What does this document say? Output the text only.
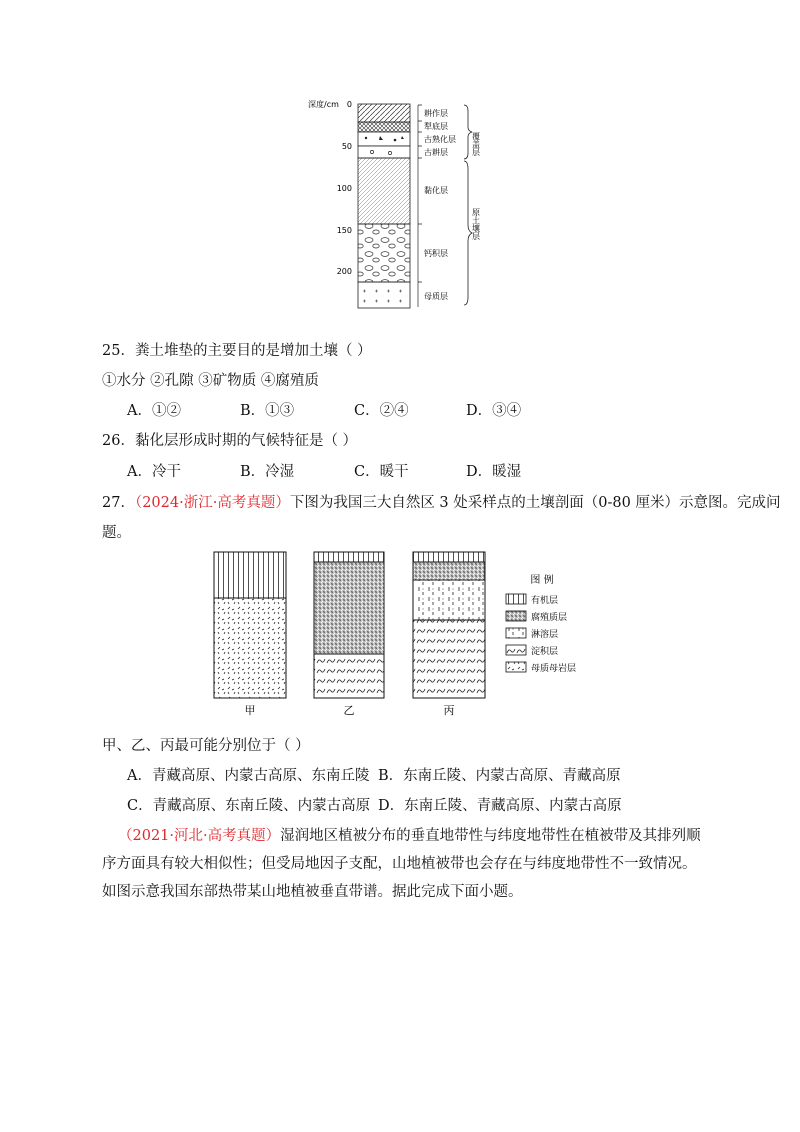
深度/cm 0
50
100
150
200
耕作层
犁底层
古熟化层
古耕层
黏化层
钙积层
母质层
覆盖层
原土壤层
25．粪土堆垫的主要目的是增加土壤（ ）
①水分 ②孔隙 ③矿物质 ④腐殖质
A．①②	B．①③	C．②④	D．③④
26．黏化层形成时期的气候特征是（ ）
A．冷干	B．冷湿	C．暖干	D．暖湿
27．（2024·浙江·高考真题）下图为我国三大自然区 3 处采样点的土壤剖面（0-80 厘米）示意图。完成问
题。
甲	乙	丙
图 例
有机层
腐殖质层
淋溶层
淀积层
母质母岩层
甲、乙、丙最可能分别位于（ ）
A．青藏高原、内蒙古高原、东南丘陵 B．东南丘陵、内蒙古高原、青藏高原
C．青藏高原、东南丘陵、内蒙古高原 D．东南丘陵、青藏高原、内蒙古高原
（2021·河北·高考真题）湿润地区植被分布的垂直地带性与纬度地带性在植被带及其排列顺序方面具有较大相似性；但受局地因子支配，山地植被带也会存在与纬度地带性不一致情况。如图示意我国东部热带某山地植被垂直带谱。据此完成下面小题。
